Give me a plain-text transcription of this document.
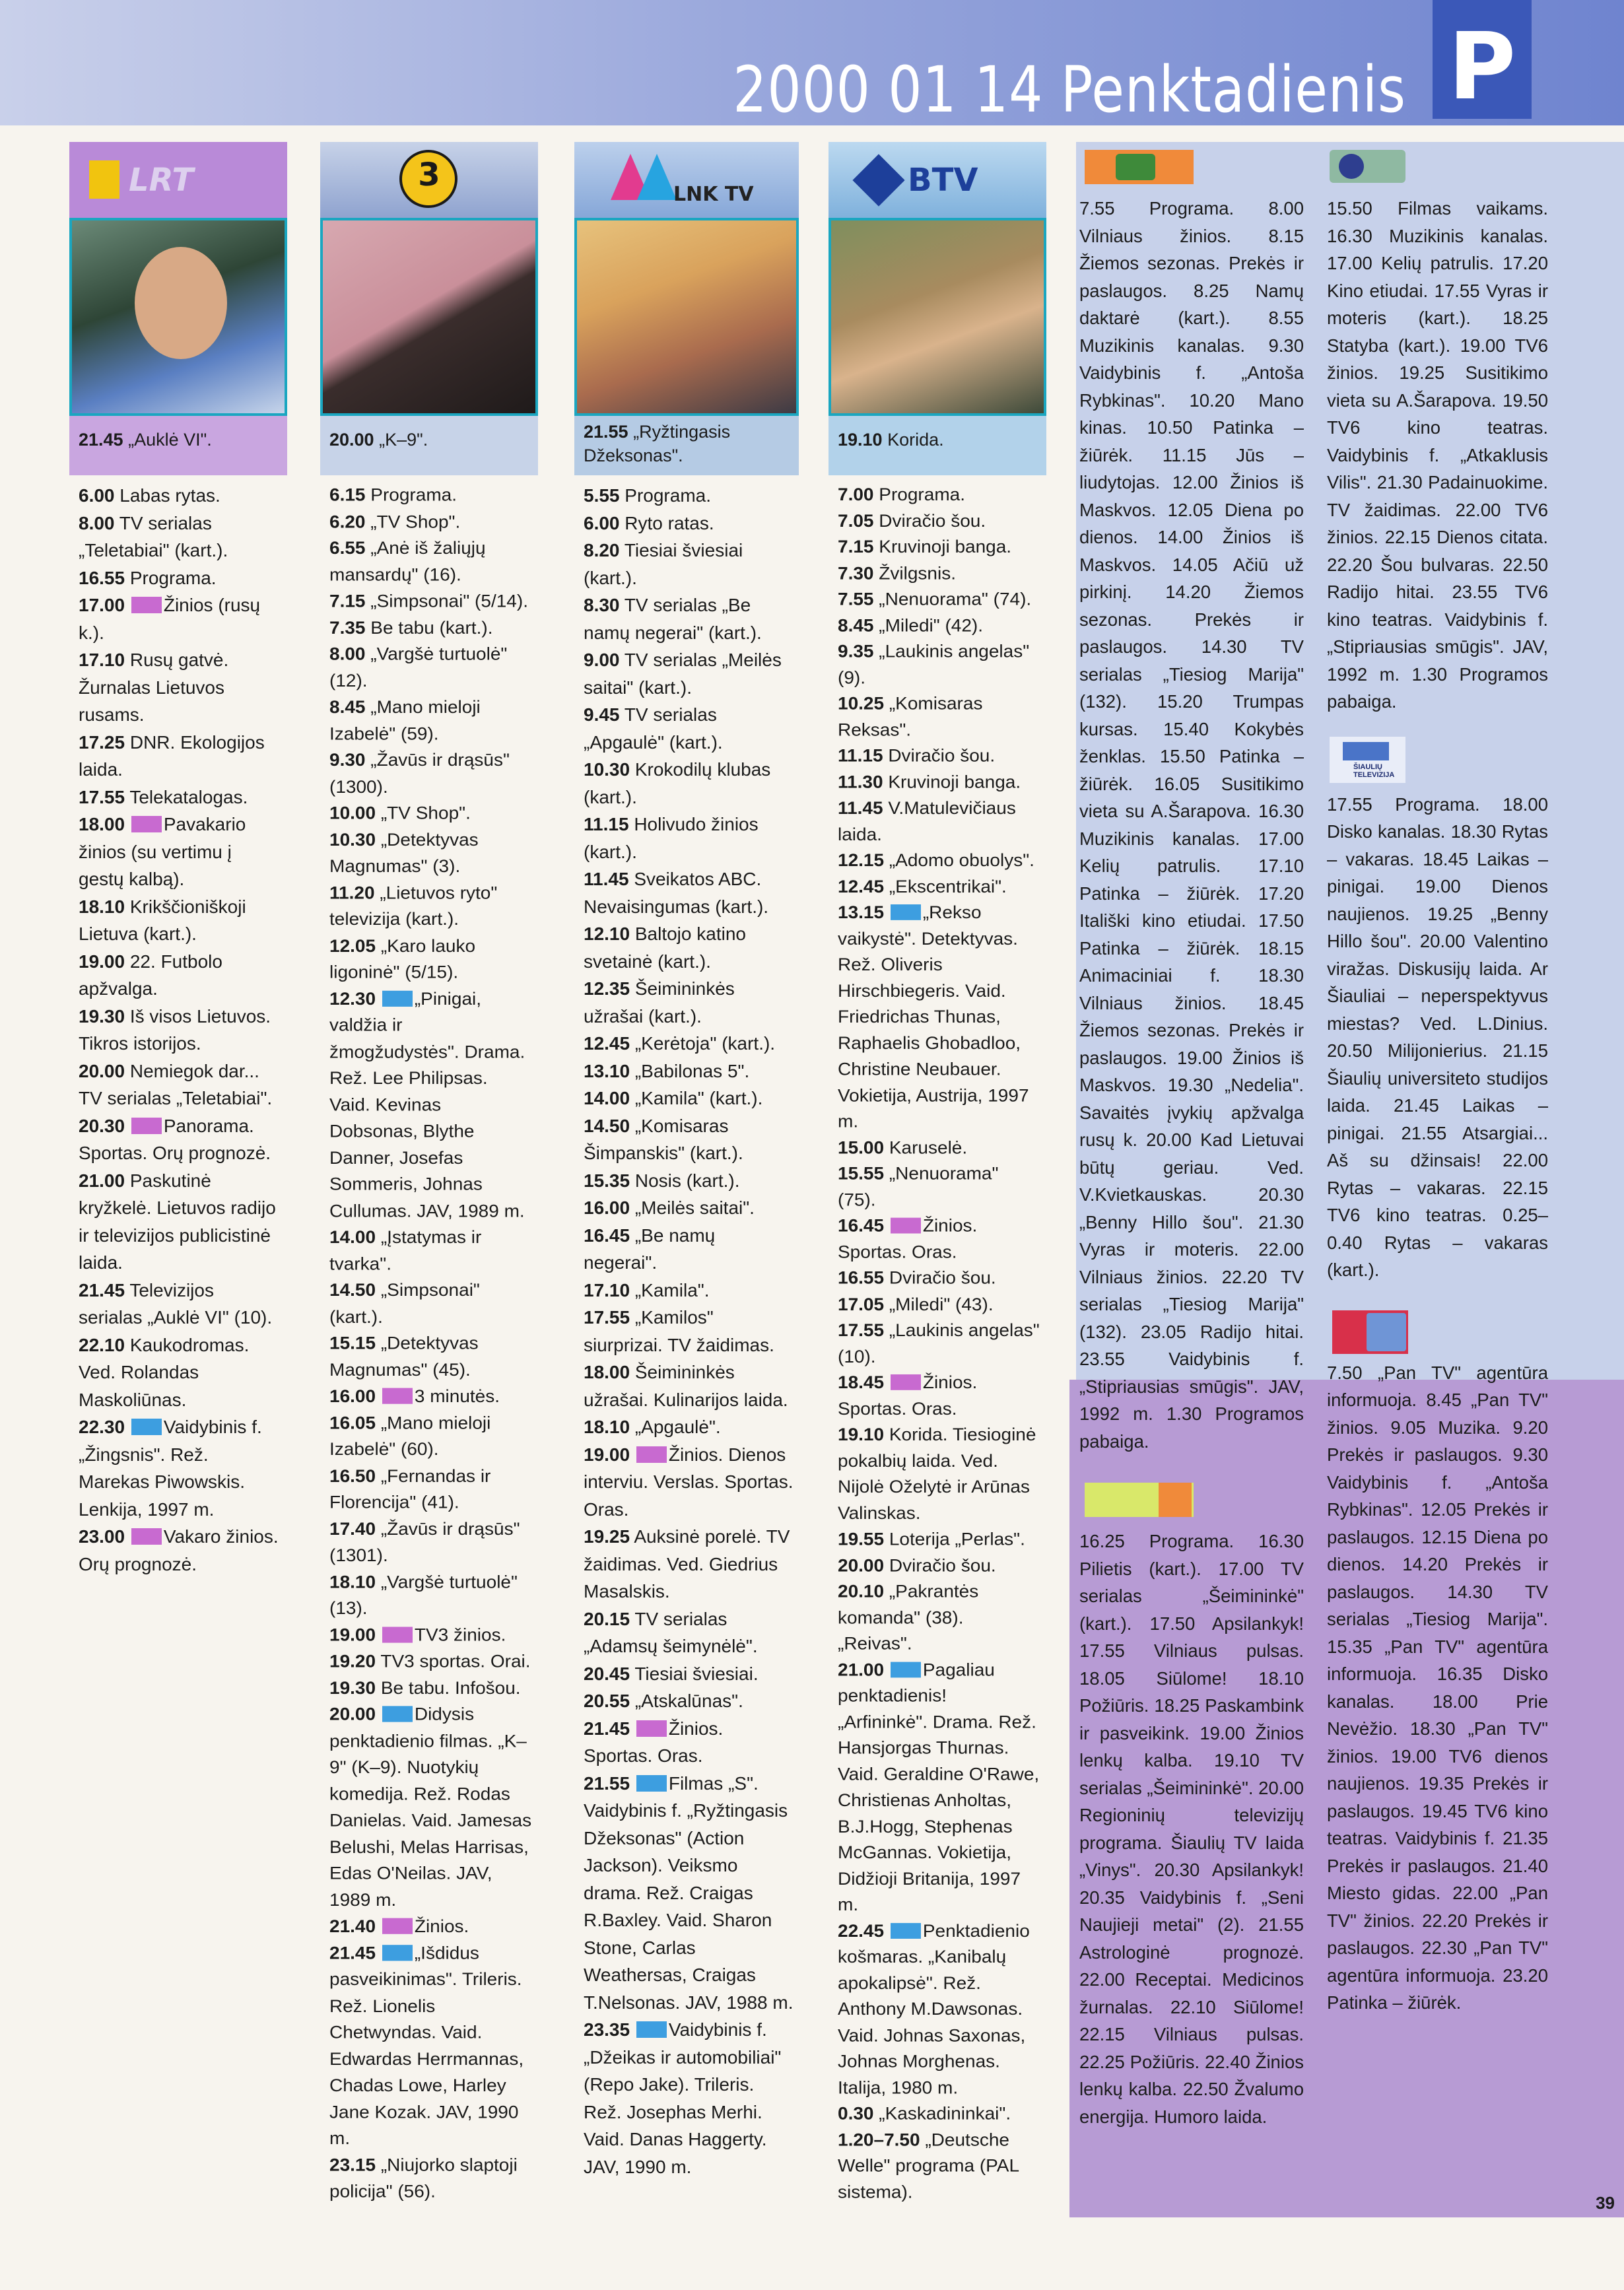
2000 01 14 Penktadienis P
LRT
21.45 „Auklė VI".
6.00 Labas rytas.
8.00 TV serialas „Teletabiai" (kart.).
16.55 Programa.
17.00 Žinios (rusų k.).
17.10 Rusų gatvė. Žurnalas Lietuvos rusams.
17.25 DNR. Ekologijos laida.
17.55 Telekatalogas.
18.00 Pavakario žinios (su vertimu į gestų kalbą).
18.10 Krikščioniškoji Lietuva (kart.).
19.00 22. Futbolo apžvalga.
19.30 Iš visos Lietuvos. Tikros istorijos.
20.00 Nemiegok dar... TV serialas „Teletabiai".
20.30 Panorama. Sportas. Orų prognozė.
21.00 Paskutinė kryžkelė. Lietuvos radijo ir televizijos publicistinė laida.
21.45 Televizijos serialas „Auklė VI" (10).
22.10 Kaukodromas. Ved. Rolandas Maskoliūnas.
22.30 Vaidybinis f. „Žingsnis". Rež. Marekas Piwowskis. Lenkija, 1997 m.
23.00 Vakaro žinios. Orų prognozė.
3
20.00 „K–9".
6.15 Programa.
6.20 „TV Shop".
6.55 „Anė iš žaliųjų mansardų" (16).
7.15 „Simpsonai" (5/14).
7.35 Be tabu (kart.).
8.00 „Vargšė turtuolė" (12).
8.45 „Mano mieloji Izabelė" (59).
9.30 „Žavūs ir drąsūs" (1300).
10.00 „TV Shop".
10.30 „Detektyvas Magnumas" (3).
11.20 „Lietuvos ryto" televizija (kart.).
12.05 „Karo lauko ligoninė" (5/15).
12.30 „Pinigai, valdžia ir žmogžudystės". Drama. Rež. Lee Philipsas. Vaid. Kevinas Dobsonas, Blythe Danner, Josefas Sommeris, Johnas Cullumas. JAV, 1989 m.
14.00 „Įstatymas ir tvarka".
14.50 „Simpsonai" (kart.).
15.15 „Detektyvas Magnumas" (45).
16.00 3 minutės.
16.05 „Mano mieloji Izabelė" (60).
16.50 „Fernandas ir Florencija" (41).
17.40 „Žavūs ir drąsūs" (1301).
18.10 „Vargšė turtuolė" (13).
19.00 TV3 žinios.
19.20 TV3 sportas. Orai.
19.30 Be tabu. Infošou.
20.00 Didysis penktadienio filmas. „K–9" (K–9). Nuotykių komedija. Rež. Rodas Danielas. Vaid. Jamesas Belushi, Melas Harrisas, Edas O'Neilas. JAV, 1989 m.
21.40 Žinios.
21.45 „Išdidus pasveikinimas". Trileris. Rež. Lionelis Chetwyndas. Vaid. Edwardas Herrmannas, Chadas Lowe, Harley Jane Kozak. JAV, 1990 m.
23.15 „Niujorko slaptoji policija" (56).
LNK TV
21.55 „Ryžtingasis Džeksonas".
5.55 Programa.
6.00 Ryto ratas.
8.20 Tiesiai šviesiai (kart.).
8.30 TV serialas „Be namų negerai" (kart.).
9.00 TV serialas „Meilės saitai" (kart.).
9.45 TV serialas „Apgaulė" (kart.).
10.30 Krokodilų klubas (kart.).
11.15 Holivudo žinios (kart.).
11.45 Sveikatos ABC. Nevaisingumas (kart.).
12.10 Baltojo katino svetainė (kart.).
12.35 Šeimininkės užrašai (kart.).
12.45 „Kerėtoja" (kart.).
13.10 „Babilonas 5".
14.00 „Kamila" (kart.).
14.50 „Komisaras Šimpanskis" (kart.).
15.35 Nosis (kart.).
16.00 „Meilės saitai".
16.45 „Be namų negerai".
17.10 „Kamila".
17.55 „Kamilos" siurprizai. TV žaidimas.
18.00 Šeimininkės užrašai. Kulinarijos laida.
18.10 „Apgaulė".
19.00 Žinios. Dienos interviu. Verslas. Sportas. Oras.
19.25 Auksinė porelė. TV žaidimas. Ved. Giedrius Masalskis.
20.15 TV serialas „Adamsų šeimynėlė".
20.45 Tiesiai šviesiai.
20.55 „Atskalūnas".
21.45 Žinios. Sportas. Oras.
21.55 Filmas „S". Vaidybinis f. „Ryžtingasis Džeksonas" (Action Jackson). Veiksmo drama. Rež. Craigas R.Baxley. Vaid. Sharon Stone, Carlas Weathersas, Craigas T.Nelsonas. JAV, 1988 m.
23.35 Vaidybinis f. „Džeikas ir automobiliai" (Repo Jake). Trileris. Rež. Josephas Merhi. Vaid. Danas Haggerty. JAV, 1990 m.
BTV
19.10 Korida.
7.00 Programa.
7.05 Dviračio šou.
7.15 Kruvinoji banga.
7.30 Žvilgsnis.
7.55 „Nenuorama" (74).
8.45 „Miledi" (42).
9.35 „Laukinis angelas" (9).
10.25 „Komisaras Reksas".
11.15 Dviračio šou.
11.30 Kruvinoji banga.
11.45 V.Matulevičiaus laida.
12.15 „Adomo obuolys".
12.45 „Ekscentrikai".
13.15 „Rekso vaikystė". Detektyvas. Rež. Oliveris Hirschbiegeris. Vaid. Friedrichas Thunas, Raphaelis Ghobadloo, Christine Neubauer. Vokietija, Austrija, 1997 m.
15.00 Karuselė.
15.55 „Nenuorama" (75).
16.45 Žinios. Sportas. Oras.
16.55 Dviračio šou.
17.05 „Miledi" (43).
17.55 „Laukinis angelas" (10).
18.45 Žinios. Sportas. Oras.
19.10 Korida. Tiesioginė pokalbių laida. Ved. Nijolė Oželytė ir Arūnas Valinskas.
19.55 Loterija „Perlas".
20.00 Dviračio šou.
20.10 „Pakrantės komanda" (38). „Reivas".
21.00 Pagaliau penktadienis! „Arfininkė". Drama. Rež. Hansjorgas Thurnas. Vaid. Geraldine O'Rawe, Christienas Anholtas, B.J.Hogg, Stephenas McGannas. Vokietija, Didžioji Britanija, 1997 m.
22.45 Penktadienio košmaras. „Kanibalų apokalipsė". Rež. Anthony M.Dawsonas. Vaid. Johnas Saxonas, Johnas Morghenas. Italija, 1980 m.
0.30 „Kaskadininkai".
1.20–7.50 „Deutsche Welle" programa (PAL sistema).
7.55 Programa. 8.00 Vilniaus žinios. 8.15 Žiemos sezonas. Prekės ir paslaugos. 8.25 Namų daktarė (kart.). 8.55 Muzikinis kanalas. 9.30 Vaidybinis f. „Antoša Rybkinas". 10.20 Mano kinas. 10.50 Patinka – žiūrėk. 11.15 Jūs – liudytojas. 12.00 Žinios iš Maskvos. 12.05 Diena po dienos. 14.00 Žinios iš Maskvos. 14.05 Ačiū už pirkinį. 14.20 Žiemos sezonas. Prekės ir paslaugos. 14.30 TV serialas „Tiesiog Marija" (132). 15.20 Trumpas kursas. 15.40 Kokybės ženklas. 15.50 Patinka – žiūrėk. 16.05 Susitikimo vieta su A.Šarapova. 16.30 Muzikinis kanalas. 17.00 Kelių patrulis. 17.10 Patinka – žiūrėk. 17.20 Itališki kino etiudai. 17.50 Patinka – žiūrėk. 18.15 Animaciniai f. 18.30 Vilniaus žinios. 18.45 Žiemos sezonas. Prekės ir paslaugos. 19.00 Žinios iš Maskvos. 19.30 „Nedelia". Savaitės įvykių apžvalga rusų k. 20.00 Kad Lietuvai būtų geriau. Ved. V.Kvietkauskas. 20.30 „Benny Hillo šou". 21.30 Vyras ir moteris. 22.00 Vilniaus žinios. 22.20 TV serialas „Tiesiog Marija" (132). 23.05 Radijo hitai. 23.55 Vaidybinis f. „Stipriausias smūgis". JAV, 1992 m. 1.30 Programos pabaiga.
16.25 Programa. 16.30 Pilietis (kart.). 17.00 TV serialas „Šeimininkė" (kart.). 17.50 Apsilankyk! 17.55 Vilniaus pulsas. 18.05 Siūlome! 18.10 Požiūris. 18.25 Paskambink ir pasveikink. 19.00 Žinios lenkų kalba. 19.10 TV serialas „Šeimininkė". 20.00 Regioninių televizijų programa. Šiaulių TV laida „Vinys". 20.30 Apsilankyk! 20.35 Vaidybinis f. „Seni Naujieji metai" (2). 21.55 Astrologinė prognozė. 22.00 Receptai. Medicinos žurnalas. 22.10 Siūlome! 22.15 Vilniaus pulsas. 22.25 Požiūris. 22.40 Žinios lenkų kalba. 22.50 Žvalumo energija. Humoro laida.
15.50 Filmas vaikams. 16.30 Muzikinis kanalas. 17.00 Kelių patrulis. 17.20 Kino etiudai. 17.55 Vyras ir moteris (kart.). 18.25 Statyba (kart.). 19.00 TV6 žinios. 19.25 Susitikimo vieta su A.Šarapova. 19.50 TV6 kino teatras. Vaidybinis f. „Atkaklusis Vilis". 21.30 Padainuokime. TV žaidimas. 22.00 TV6 žinios. 22.15 Dienos citata. 22.20 Šou bulvaras. 22.50 Radijo hitai. 23.55 TV6 kino teatras. Vaidybinis f. „Stipriausias smūgis". JAV, 1992 m. 1.30 Programos pabaiga.
ŠIAULIŲ TELEVIZIJA
17.55 Programa. 18.00 Disko kanalas. 18.30 Rytas – vakaras. 18.45 Laikas – pinigai. 19.00 Dienos naujienos. 19.25 „Benny Hillo šou". 20.00 Valentino viražas. Diskusijų laida. Ar Šiauliai – neperspektyvus miestas? Ved. L.Dinius. 20.50 Milijonierius. 21.15 Šiaulių universiteto studijos laida. 21.45 Laikas –pinigai. 21.55 Atsargiai... Aš su džinsais! 22.00 Rytas – vakaras. 22.15 TV6 kino teatras. 0.25–0.40 Rytas – vakaras (kart.).
7.50 „Pan TV" agentūra informuoja. 8.45 „Pan TV" žinios. 9.05 Muzika. 9.20 Prekės ir paslaugos. 9.30 Vaidybinis f. „Antoša Rybkinas". 12.05 Prekės ir paslaugos. 12.15 Diena po dienos. 14.20 Prekės ir paslaugos. 14.30 TV serialas „Tiesiog Marija". 15.35 „Pan TV" agentūra informuoja. 16.35 Disko kanalas. 18.00 Prie Nevėžio. 18.30 „Pan TV" žinios. 19.00 TV6 dienos naujienos. 19.35 Prekės ir paslaugos. 19.45 TV6 kino teatras. Vaidybinis f. 21.35 Prekės ir paslaugos. 21.40 Miesto gidas. 22.00 „Pan TV" žinios. 22.20 Prekės ir paslaugos. 22.30 „Pan TV" agentūra informuoja. 23.20 Patinka – žiūrėk.
39
